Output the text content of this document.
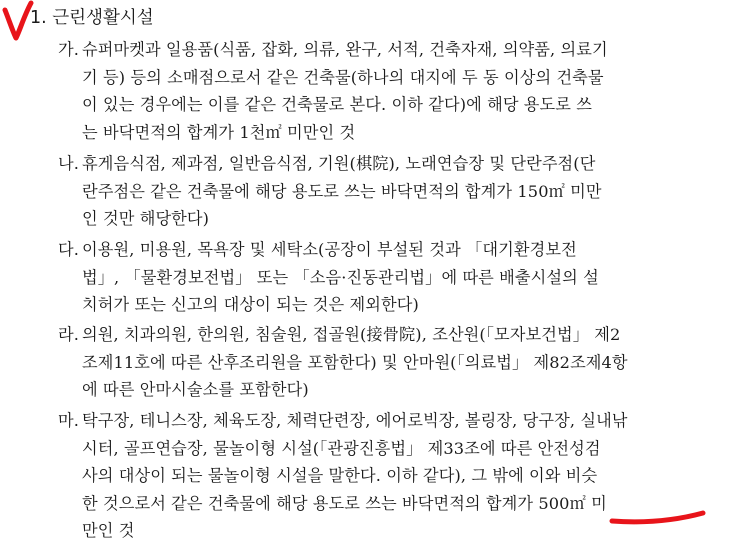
1. 근린생활시설
가. 슈퍼마켓과 일용품(식품, 잡화, 의류, 완구, 서적, 건축자재, 의약품, 의료기
기 등) 등의 소매점으로서 같은 건축물(하나의 대지에 두 동 이상의 건축물
이 있는 경우에는 이를 같은 건축물로 본다. 이하 같다)에 해당 용도로 쓰
는 바닥면적의 합계가 1천㎡ 미만인 것
나. 휴게음식점, 제과점, 일반음식점, 기원(棋院), 노래연습장 및 단란주점(단
란주점은 같은 건축물에 해당 용도로 쓰는 바닥면적의 합계가 150㎡ 미만
인 것만 해당한다)
다. 이용원, 미용원, 목욕장 및 세탁소(공장이 부설된 것과 「대기환경보전
법」, 「물환경보전법」 또는 「소음·진동관리법」에 따른 배출시설의 설
치허가 또는 신고의 대상이 되는 것은 제외한다)
라. 의원, 치과의원, 한의원, 침술원, 접골원(接骨院), 조산원(「모자보건법」 제2
조제11호에 따른 산후조리원을 포함한다) 및 안마원(「의료법」 제82조제4항
에 따른 안마시술소를 포함한다)
마. 탁구장, 테니스장, 체육도장, 체력단련장, 에어로빅장, 볼링장, 당구장, 실내낚
시터, 골프연습장, 물놀이형 시설(「관광진흥법」 제33조에 따른 안전성검
사의 대상이 되는 물놀이형 시설을 말한다. 이하 같다), 그 밖에 이와 비슷
한 것으로서 같은 건축물에 해당 용도로 쓰는 바닥면적의 합계가 500㎡ 미
만인 것
